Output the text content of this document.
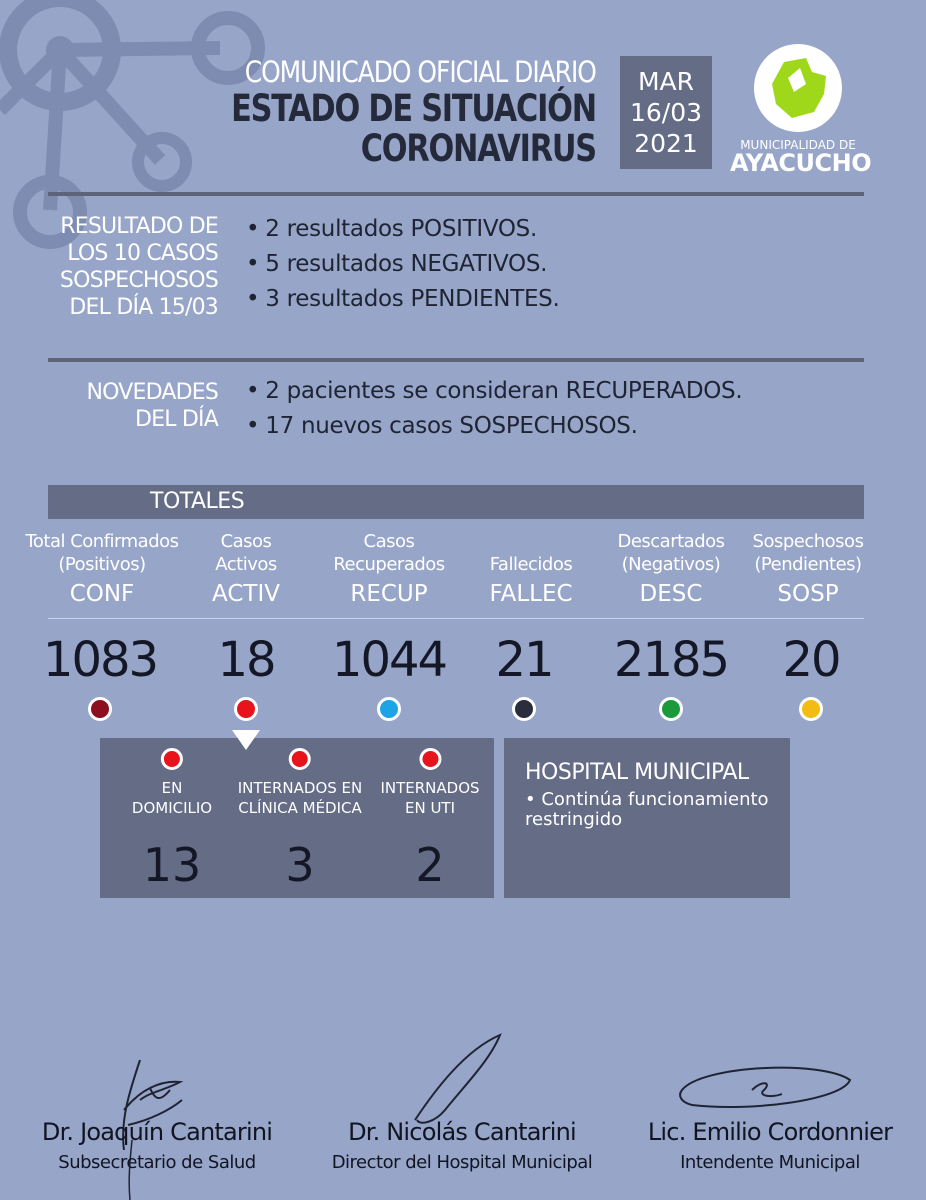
COMUNICADO OFICIAL DIARIO
ESTADO DE SITUACIÓN
CORONAVIRUS
MAR
16/03
2021	MUNICIPALIDAD DE
AYACUCHO
RESULTADO DE
LOS 10 CASOS
SOSPECHOSOS
DEL DÍA 15/03
• 2 resultados POSITIVOS.
• 5 resultados NEGATIVOS.
• 3 resultados PENDIENTES.
NOVEDADES
DEL DÍA
• 2 pacientes se consideran RECUPERADOS.
• 17 nuevos casos SOSPECHOSOS.
TOTALES
Total Confirmados
(Positivos)
CONF
Casos
Activos
ACTIV
Casos
Recuperados
RECUP
Fallecidos
FALLEC
Descartados
(Negativos)
DESC
Sospechosos
(Pendientes)
SOSP
1083 18 1044 21 2185 20
EN
DOMICILIO
INTERNADOS EN
CLÍNICA MÉDICA
INTERNADOS
EN UTI
13 3 2
HOSPITAL MUNICIPAL
• Continúa funcionamiento restringido
Dr. Joaquín Cantarini
Subsecretario de Salud
Dr. Nicolás Cantarini
Director del Hospital Municipal
Lic. Emilio Cordonnier
Intendente Municipal
